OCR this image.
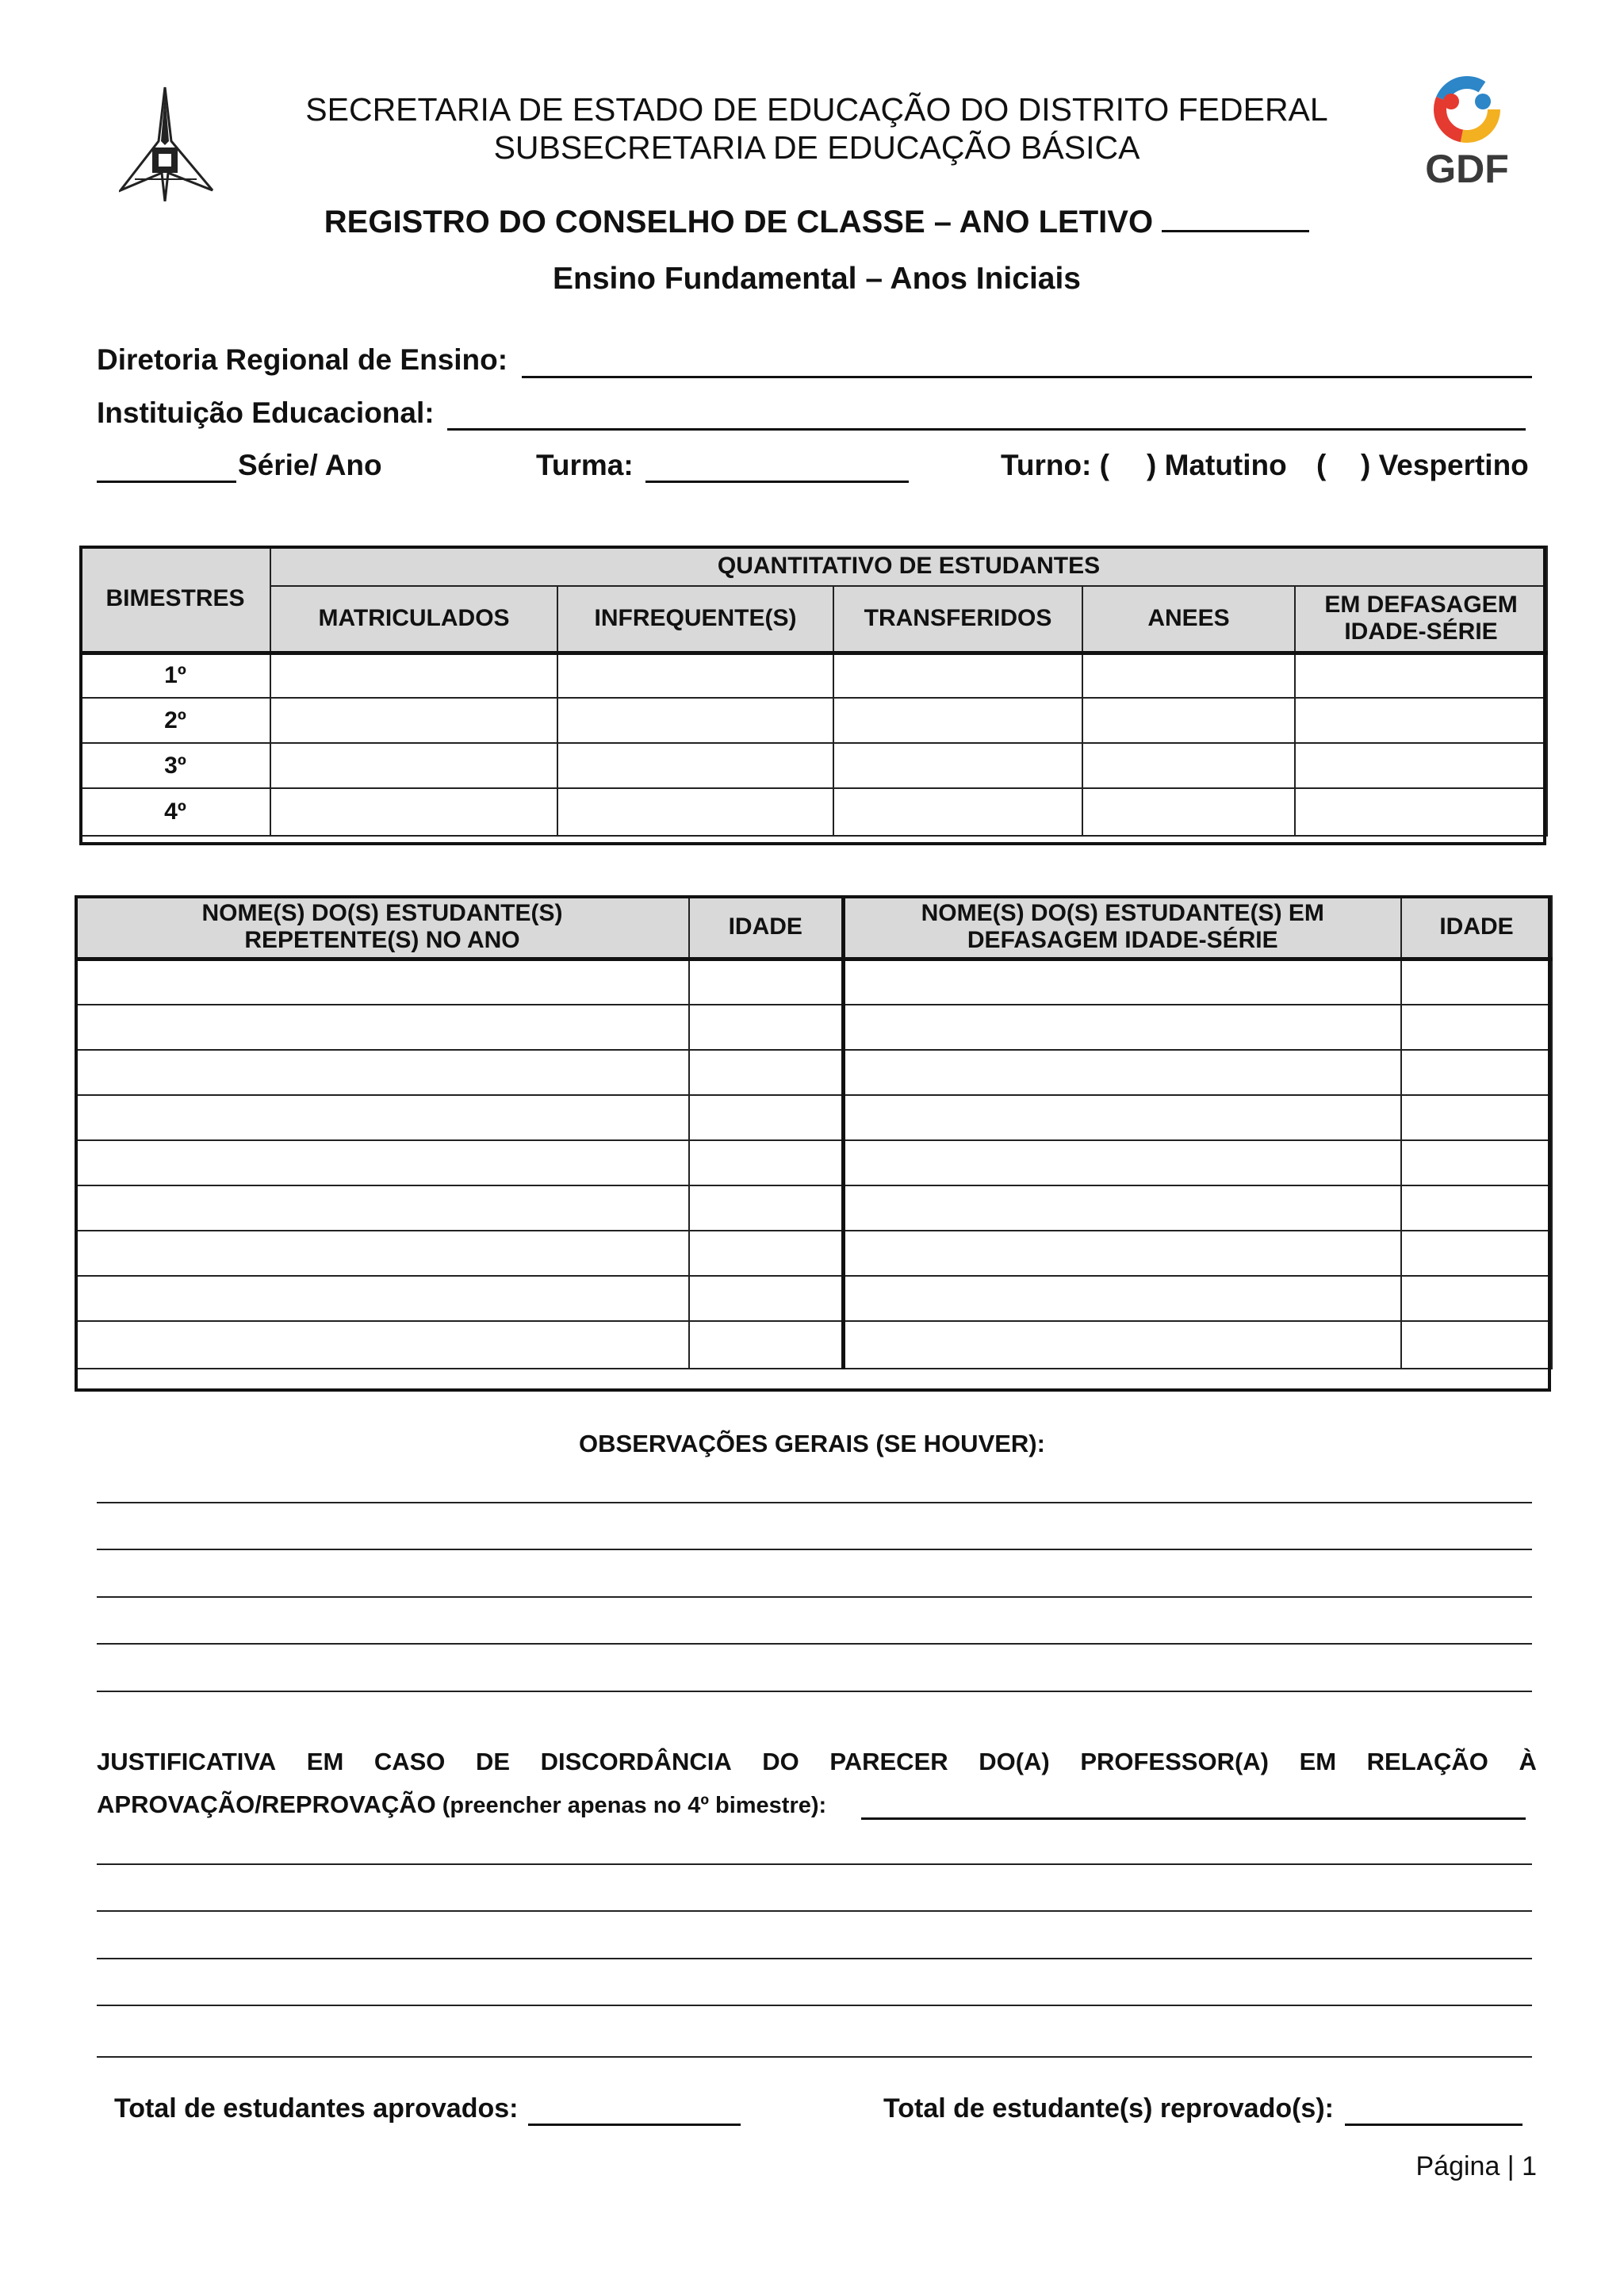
SECRETARIA DE ESTADO DE EDUCAÇÃO DO DISTRITO FEDERAL
SUBSECRETARIA DE EDUCAÇÃO BÁSICA	GDF
REGISTRO DO CONSELHO DE CLASSE – ANO LETIVO
Ensino Fundamental – Anos Iniciais
Diretoria Regional de Ensino:
Instituição Educacional:
Série/ Ano	Turma:	Turno: ( ) Matutino ( ) Vespertino
BIMESTRES	QUANTITATIVO DE ESTUDANTES				
	MATRICULADOS	INFREQUENTE(S)	TRANSFERIDOS	ANEES	EM DEFASAGEM IDADE-SÉRIE
1º					
2º					
3º					
4º					
NOME(S) DO(S) ESTUDANTE(S) REPETENTE(S) NO ANO	IDADE	NOME(S) DO(S) ESTUDANTE(S) EM DEFASAGEM IDADE-SÉRIE	IDADE

OBSERVAÇÕES GERAIS (SE HOUVER):
JUSTIFICATIVA EM CASO DE DISCORDÂNCIA DO PARECER DO(A) PROFESSOR(A) EM RELAÇÃO À
APROVAÇÃO/REPROVAÇÃO (preencher apenas no 4º bimestre):
Total de estudantes aprovados:	Total de estudante(s) reprovado(s):
Página | 1
